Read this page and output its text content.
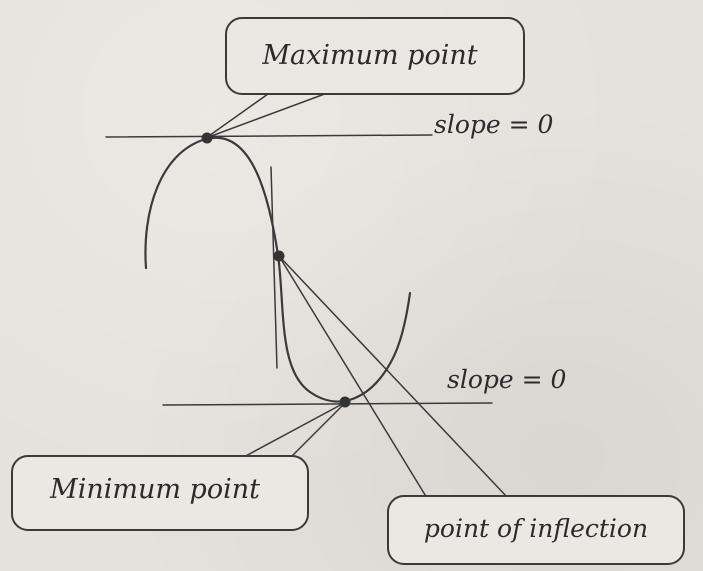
Maximum point
Minimum point
point of inflection
slope = 0
slope = 0
